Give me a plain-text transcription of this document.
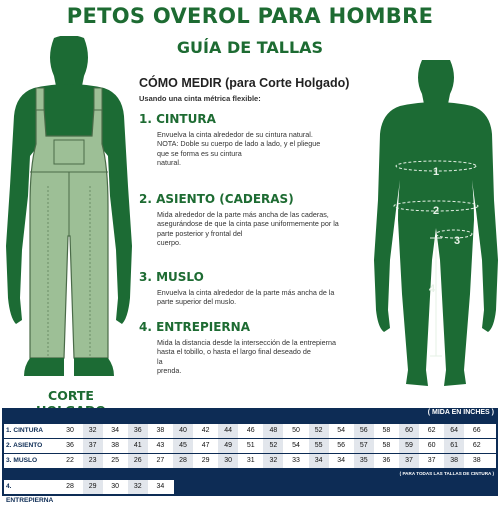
PETOS OVEROL PARA HOMBRE
GUÍA DE TALLAS
1
2
3
4
CORTE
CÓMO MEDIR (para Corte Holgado)
Usando una cinta métrica flexible:
1. CINTURA
Envuelva la cinta alrededor de su cintura natural.
NOTA: Doble su cuerpo de lado a lado, y el pliegue
que se forma es su cintura
natural.
2. ASIENTO (CADERAS)
Mida alrededor de la parte más ancha de las caderas,
asegurándose de que la cinta pase uniformemente por la
parte posterior y frontal del
cuerpo.
3. MUSLO
Envuelva la cinta alrededor de la parte más ancha de la
parte superior del muslo.
4. ENTREPIERNA
Mida la distancia desde la intersección de la entrepierna
hasta el tobillo, o hasta el largo final deseado de
la
prenda.
( MIDA EN INCHES )
1. CINTURA	30	32	34	36	38	40	42	44	46	48	50	52	54	56	58	60	62	64	66
2. ASIENTO	36	37	38	41	43	45	47	49	51	52	54	55	56	57	58	59	60	61	62
3. MUSLO	22	23	25	26	27	28	29	30	31	32	33	34	34	35	36	37	37	38	38
( PARA TODAS LAS TALLAS DE CINTURA )
4. ENTREPIERNA
28	29	30	32	34
